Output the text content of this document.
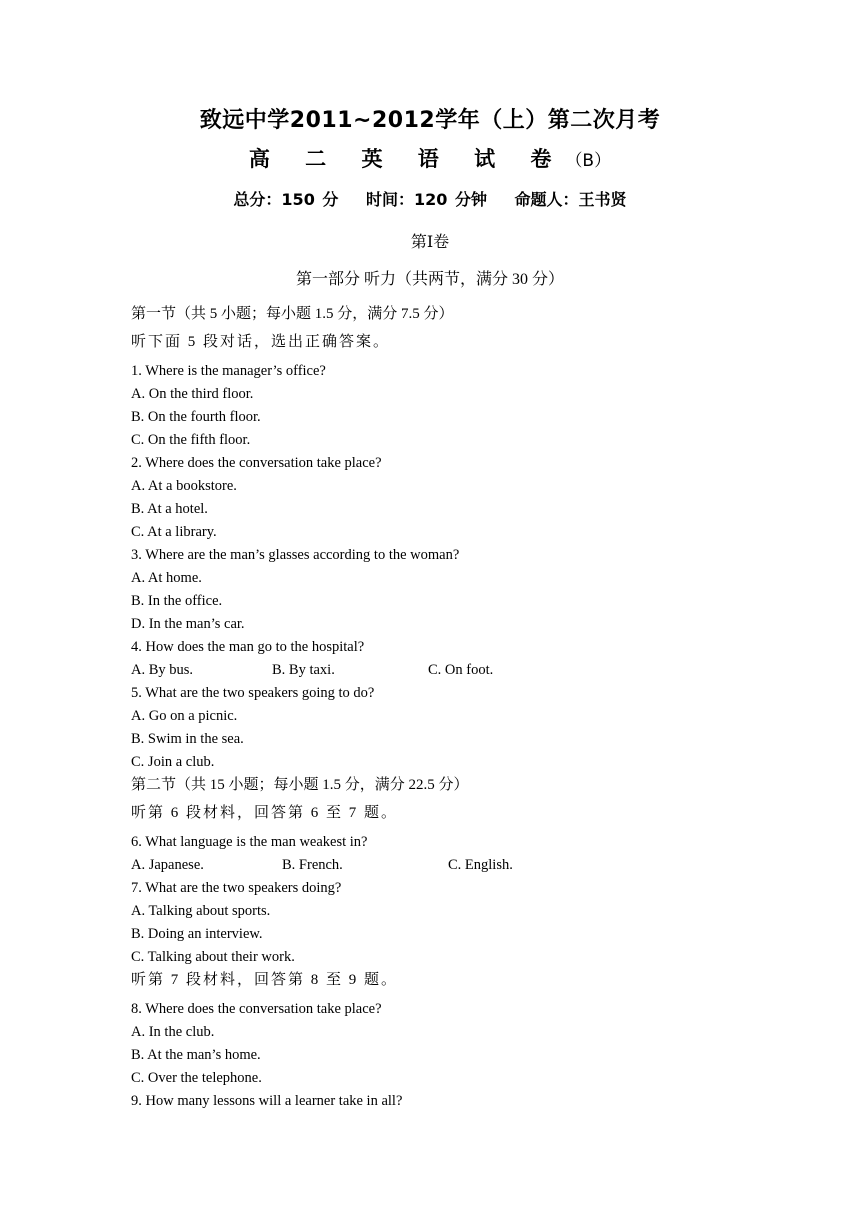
致远中学2011~2012学年（上）第二次月考
高 二 英 语 试 卷（B）
总分：150 分 时间：120 分钟 命题人：王书贤
第Ⅰ卷
第一部分 听力（共两节，满分 30 分）
第一节（共 5 小题；每小题 1.5 分，满分 7.5 分）
听下面 5 段对话，选出正确答案。
1. Where is the manager’s office?
A. On the third floor.
B. On the fourth floor.
C. On the fifth floor.
2. Where does the conversation take place?
A. At a bookstore.
B. At a hotel.
C. At a library.
3. Where are the man’s glasses according to the woman?
A. At home.
B. In the office.
D. In the man’s car.
4. How does the man go to the hospital?
A. By bus.	B. By taxi.	C. On foot.
5. What are the two speakers going to do?
A. Go on a picnic.
B. Swim in the sea.
C. Join a club.
第二节（共 15 小题；每小题 1.5 分，满分 22.5 分）
听第 6 段材料，回答第 6 至 7 题。
6. What language is the man weakest in?
A. Japanese.	B. French.	C. English.
7. What are the two speakers doing?
A. Talking about sports.
B. Doing an interview.
C. Talking about their work.
听第 7 段材料，回答第 8 至 9 题。
8. Where does the conversation take place?
A. In the club.
B. At the man’s home.
C. Over the telephone.
9. How many lessons will a learner take in all?
